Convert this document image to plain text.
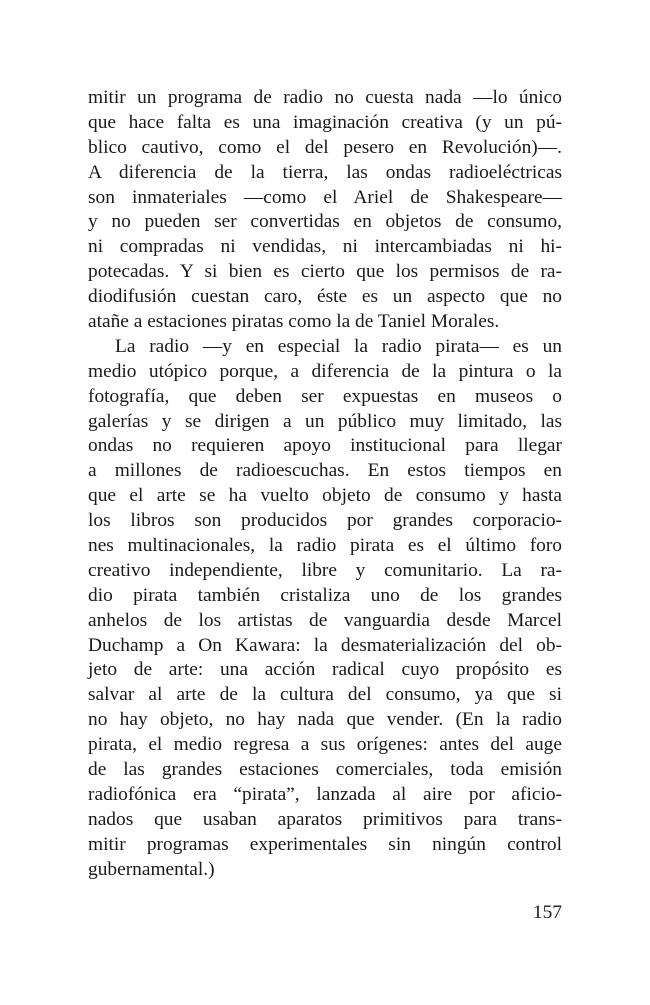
mitir un programa de radio no cuesta nada —lo único
que hace falta es una imaginación creativa (y un pú-
blico cautivo, como el del pesero en Revolución)—.
A diferencia de la tierra, las ondas radioeléctricas
son inmateriales —como el Ariel de Shakespeare—
y no pueden ser convertidas en objetos de consumo,
ni compradas ni vendidas, ni intercambiadas ni hi-
potecadas. Y si bien es cierto que los permisos de ra-
diodifusión cuestan caro, éste es un aspecto que no
atañe a estaciones piratas como la de Taniel Morales.

La radio —y en especial la radio pirata— es un
medio utópico porque, a diferencia de la pintura o la
fotografía, que deben ser expuestas en museos o
galerías y se dirigen a un público muy limitado, las
ondas no requieren apoyo institucional para llegar
a millones de radioescuchas. En estos tiempos en
que el arte se ha vuelto objeto de consumo y hasta
los libros son producidos por grandes corporacio-
nes multinacionales, la radio pirata es el último foro
creativo independiente, libre y comunitario. La ra-
dio pirata también cristaliza uno de los grandes
anhelos de los artistas de vanguardia desde Marcel
Duchamp a On Kawara: la desmaterialización del ob-
jeto de arte: una acción radical cuyo propósito es
salvar al arte de la cultura del consumo, ya que si
no hay objeto, no hay nada que vender. (En la radio
pirata, el medio regresa a sus orígenes: antes del auge
de las grandes estaciones comerciales, toda emisión
radiofónica era “pirata”, lanzada al aire por aficio-
nados que usaban aparatos primitivos para trans-
mitir programas experimentales sin ningún control
gubernamental.)

157
